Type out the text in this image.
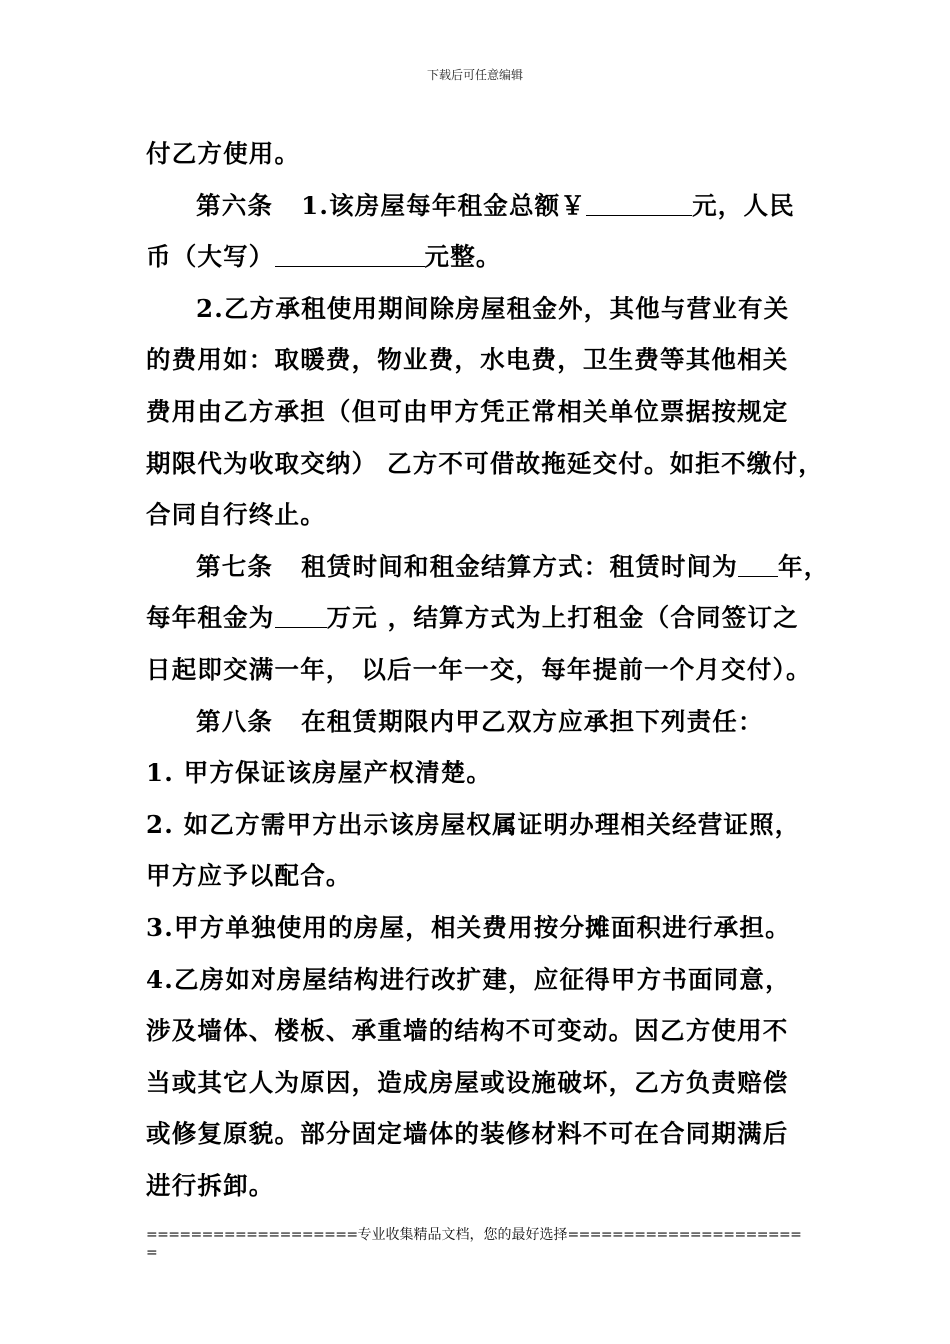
下载后可任意编辑
付乙方使用。
第六条 1.该房屋每年租金总额￥	元，人民
币（大写）	元整。
2.乙方承租使用期间除房屋租金外，其他与营业有关
的费用如：取暖费，物业费，水电费，卫生费等其他相关
费用由乙方承担（但可由甲方凭正常相关单位票据按规定
期限代为收取交纳） 乙方不可借故拖延交付。如拒不缴付，
合同自行终止。
第七条 租赁时间和租金结算方式：租赁时间为 年，
每年租金为 万元 ，结算方式为上打租金（合同签订之
日起即交满一年， 以后一年一交，每年提前一个月交付）。
第八条 在租赁期限内甲乙双方应承担下列责任：
1. 甲方保证该房屋产权清楚。
2. 如乙方需甲方出示该房屋权属证明办理相关经营证照，
甲方应予以配合。
3.甲方单独使用的房屋，相关费用按分摊面积进行承担。
4.乙房如对房屋结构进行改扩建，应征得甲方书面同意，
涉及墙体、楼板、承重墙的结构不可变动。因乙方使用不
当或其它人为原因，造成房屋或设施破坏，乙方负责赔偿
或修复原貌。部分固定墙体的装修材料不可在合同期满后
进行拆卸。
===================专业收集精品文档，您的最好选择=====================
=
